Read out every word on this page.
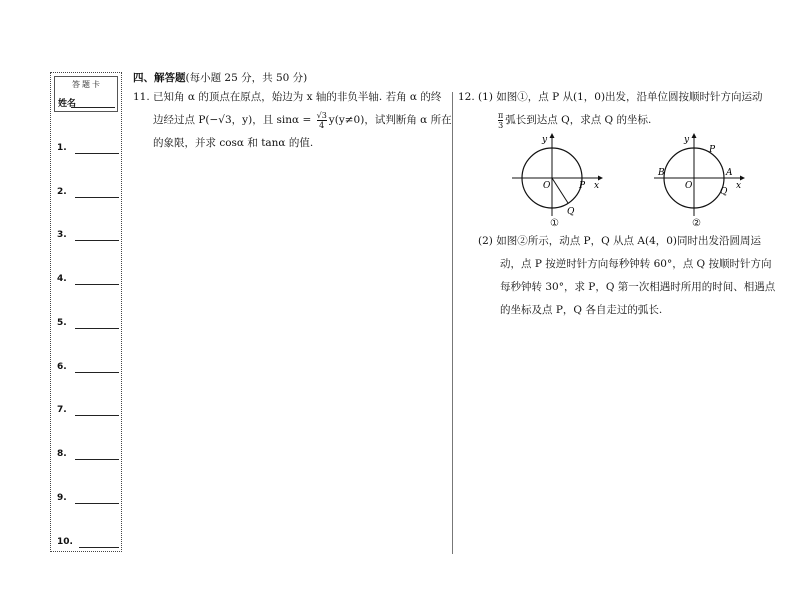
答题卡
姓名
1.
2.
3.
4.
5.
6.
7.
8.
9.
10.
四、解答题(每小题 25 分，共 50 分)
11. 已知角 α 的顶点在原点，始边为 x 轴的非负半轴. 若角 α 的终
边经过点 P(−√3，y)，且 $\sin\alpha = \frac{√3}{4} y(y\ne 0)$，试判断角 α 所在
的象限，并求 cosα 和 tanα 的值.
12. (1) 如图①，点 P 从(1，0)出发，沿单位圆按顺时针方向运动
$\frac{\pi}{3}$ 弧长到达点 Q，求点 Q 的坐标.
y
x
O	P
Q
①
y
x
O
P
A
B
Q
②
(2) 如图②所示，动点 P，Q 从点 A(4，0)同时出发沿圆周运
动，点 P 按逆时针方向每秒钟转 60°，点 Q 按顺时针方向
每秒钟转 30°，求 P，Q 第一次相遇时所用的时间、相遇点
的坐标及点 P，Q 各自走过的弧长.
